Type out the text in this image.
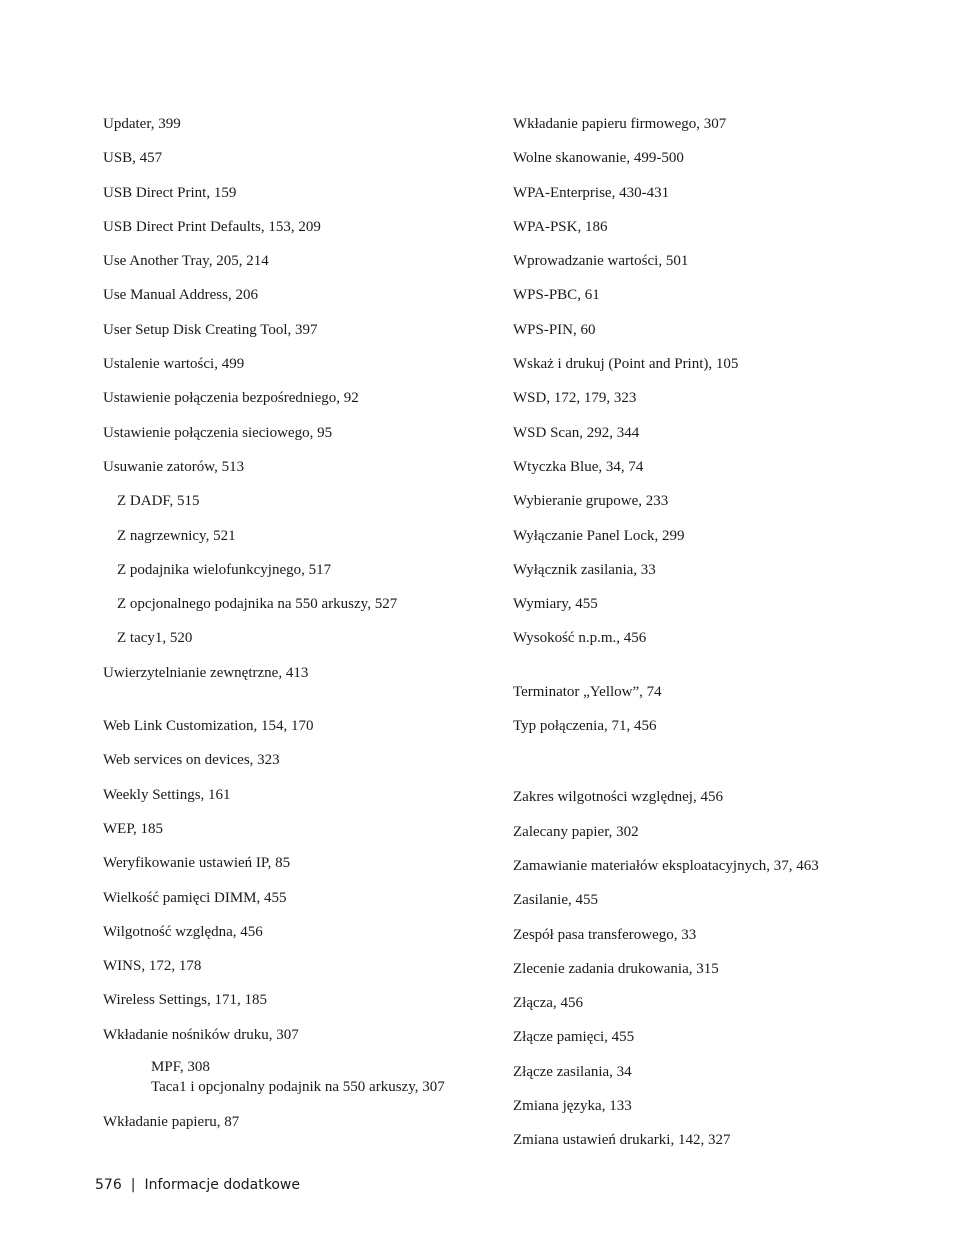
Updater, 399
USB, 457
USB Direct Print, 159
USB Direct Print Defaults, 153, 209
Use Another Tray, 205, 214
Use Manual Address, 206
User Setup Disk Creating Tool, 397
Ustalenie wartości, 499
Ustawienie połączenia bezpośredniego, 92
Ustawienie połączenia sieciowego, 95
Usuwanie zatorów, 513
Z DADF, 515
Z nagrzewnicy, 521
Z podajnika wielofunkcyjnego, 517
Z opcjonalnego podajnika na 550 arkuszy, 527
Z tacy1, 520
Uwierzytelnianie zewnętrzne, 413
Web Link Customization, 154, 170
Web services on devices, 323
Weekly Settings, 161
WEP, 185
Weryfikowanie ustawień IP, 85
Wielkość pamięci DIMM, 455
Wilgotność względna, 456
WINS, 172, 178
Wireless Settings, 171, 185
Wkładanie nośników druku, 307
MPF, 308
Taca1 i opcjonalny podajnik na 550 arkuszy, 307
Wkładanie papieru, 87
Wkładanie papieru firmowego, 307
Wolne skanowanie, 499-500
WPA-Enterprise, 430-431
WPA-PSK, 186
Wprowadzanie wartości, 501
WPS-PBC, 61
WPS-PIN, 60
Wskaż i drukuj (Point and Print), 105
WSD, 172, 179, 323
WSD Scan, 292, 344
Wtyczka Blue, 34, 74
Wybieranie grupowe, 233
Wyłączanie Panel Lock, 299
Wyłącznik zasilania, 33
Wymiary, 455
Wysokość n.p.m., 456
Terminator „Yellow”, 74
Typ połączenia, 71, 456
Zakres wilgotności względnej, 456
Zalecany papier, 302
Zamawianie materiałów eksploatacyjnych, 37, 463
Zasilanie, 455
Zespół pasa transferowego, 33
Zlecenie zadania drukowania, 315
Złącza, 456
Złącze pamięci, 455
Złącze zasilania, 34
Zmiana języka, 133
Zmiana ustawień drukarki, 142, 327
576 | Informacje dodatkowe
